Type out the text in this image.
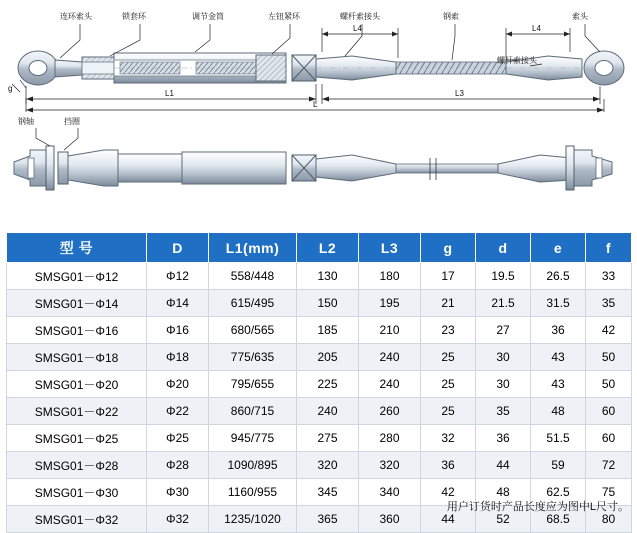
连环索头	锁套环	调节金筒	左钮紧环	螺杆索接头	钢索	索头
螺杆索接头
L4	L4
L1	L3
L
钢轴	挡圈
g
型 号	D	L1(mm)	L2	L3	g	d	e	f
SMSG01－Φ12	Φ12	558/448	130	180	17	19.5	26.5	33
SMSG01－Φ14	Φ14	615/495	150	195	21	21.5	31.5	35
SMSG01－Φ16	Φ16	680/565	185	210	23	27	36	42
SMSG01－Φ18	Φ18	775/635	205	240	25	30	43	50
SMSG01－Φ20	Φ20	795/655	225	240	25	30	43	50
SMSG01－Φ22	Φ22	860/715	240	260	25	35	48	60
SMSG01－Φ25	Φ25	945/775	275	280	32	36	51.5	60
SMSG01－Φ28	Φ28	1090/895	320	320	36	44	59	72
SMSG01－Φ30	Φ30	1160/955	345	340	42	48	62.5	75
SMSG01－Φ32	Φ32	1235/1020	365	360	44	52	68.5	80
用户订货时产品长度应为图中L尺寸。
